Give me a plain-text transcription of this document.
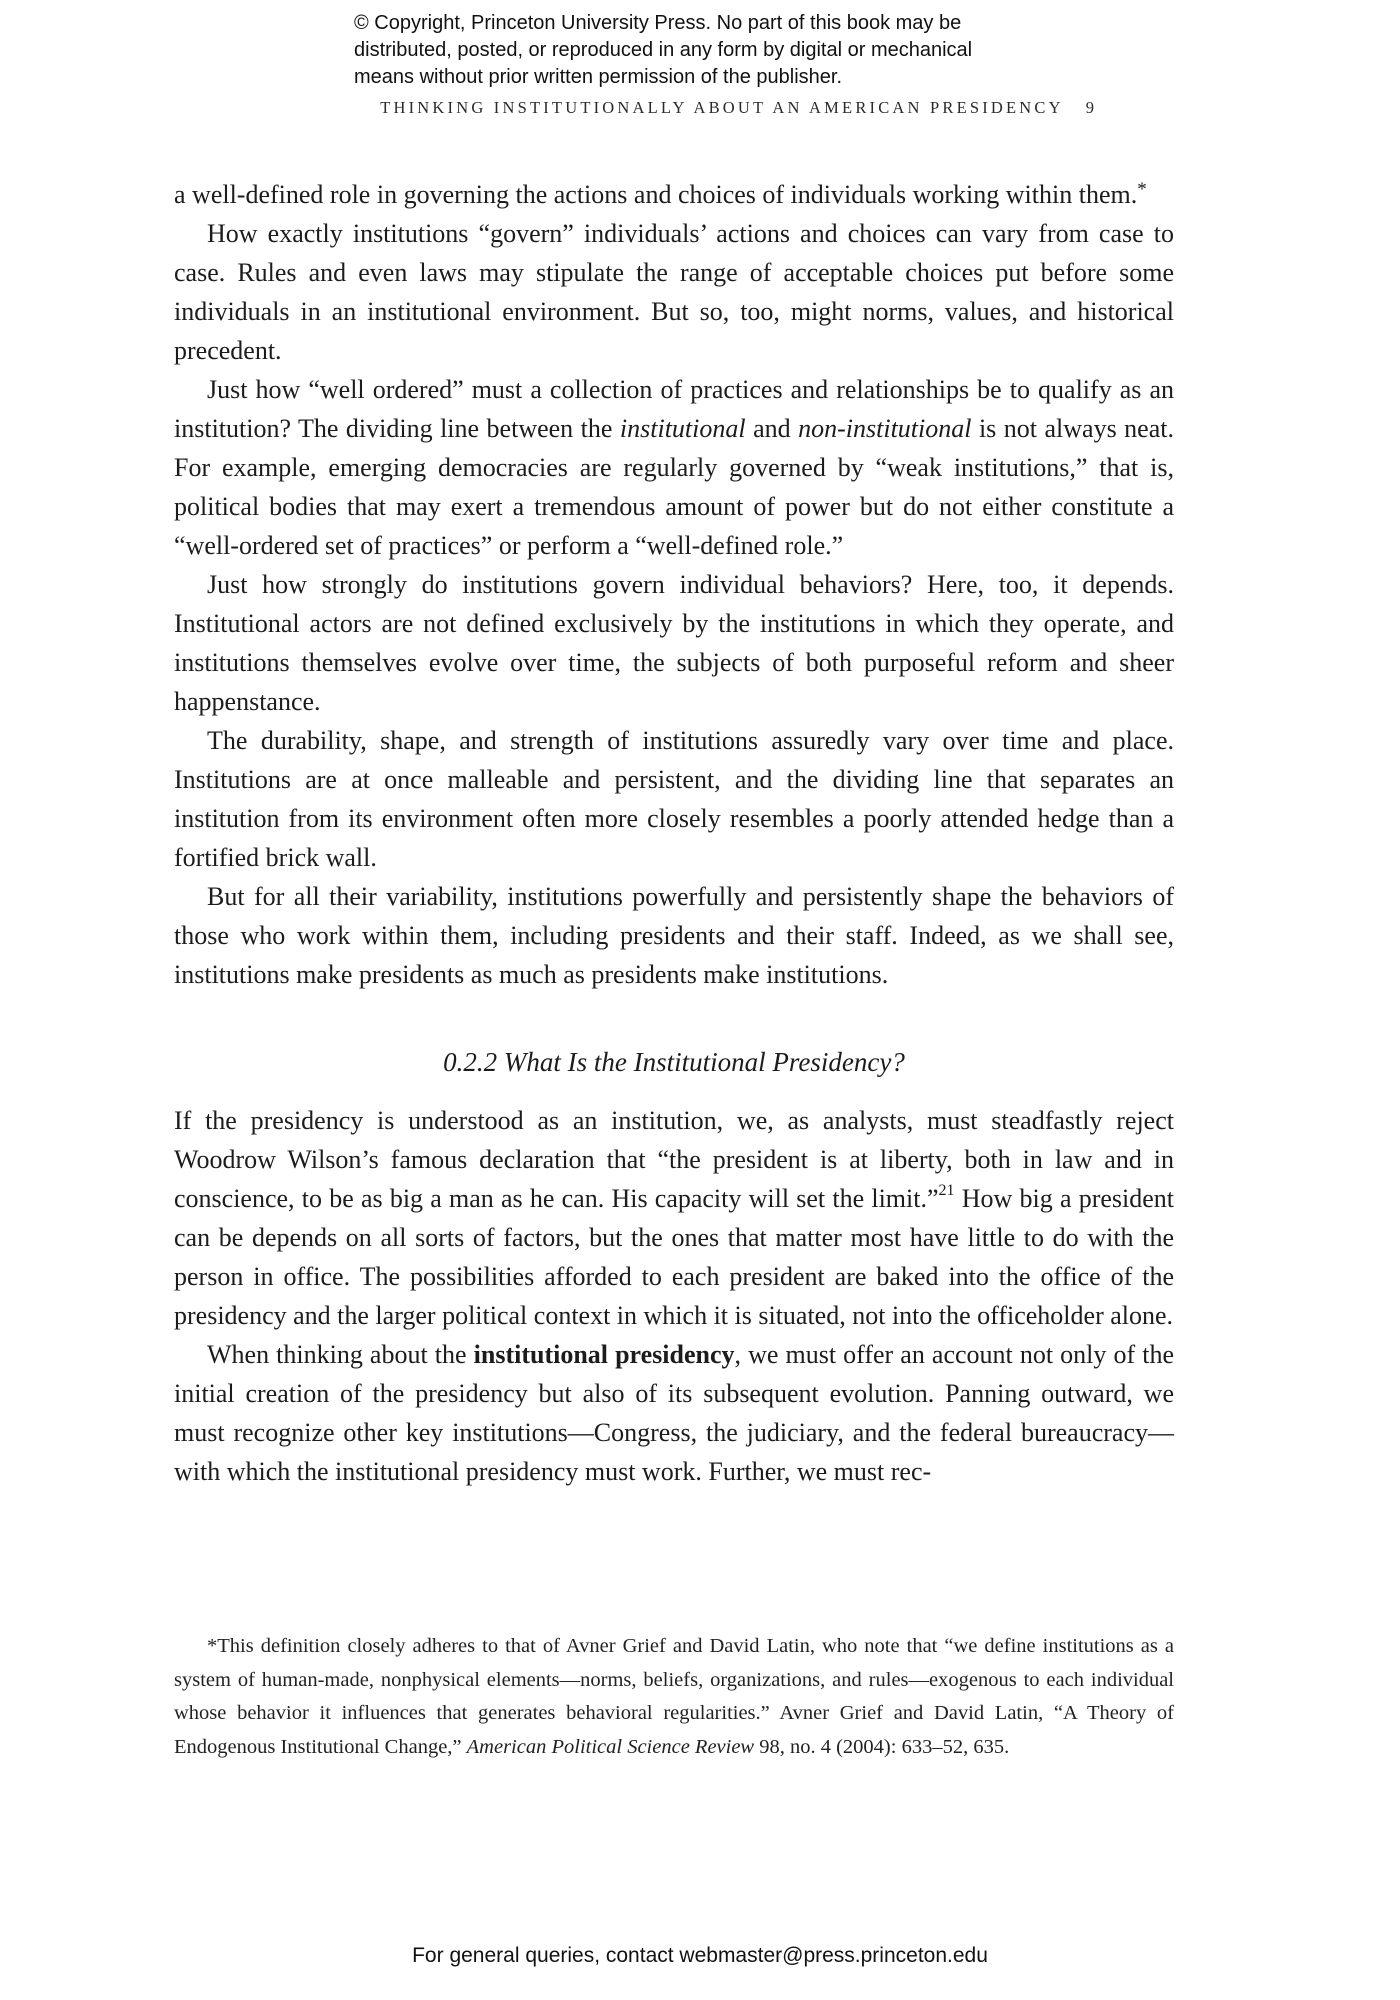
© Copyright, Princeton University Press. No part of this book may be
distributed, posted, or reproduced in any form by digital or mechanical
means without prior written permission of the publisher.
THINKING INSTITUTIONALLY ABOUT AN AMERICAN PRESIDENCY 9

a well-defined role in governing the actions and choices of individuals working within them.*

How exactly institutions “govern” individuals’ actions and choices can vary from case to case. Rules and even laws may stipulate the range of acceptable choices put before some individuals in an institutional environment. But so, too, might norms, values, and historical precedent.

Just how “well ordered” must a collection of practices and relationships be to qualify as an institution? The dividing line between the institutional and non-institutional is not always neat. For example, emerging democracies are regularly governed by “weak institutions,” that is, political bodies that may exert a tremendous amount of power but do not either constitute a “well-ordered set of practices” or perform a “well-defined role.”

Just how strongly do institutions govern individual behaviors? Here, too, it depends. Institutional actors are not defined exclusively by the institutions in which they operate, and institutions themselves evolve over time, the subjects of both purposeful reform and sheer happenstance.

The durability, shape, and strength of institutions assuredly vary over time and place. Institutions are at once malleable and persistent, and the dividing line that separates an institution from its environment often more closely resembles a poorly attended hedge than a fortified brick wall.

But for all their variability, institutions powerfully and persistently shape the behaviors of those who work within them, including presidents and their staff. Indeed, as we shall see, institutions make presidents as much as presidents make institutions.

0.2.2 What Is the Institutional Presidency?

If the presidency is understood as an institution, we, as analysts, must steadfastly reject Woodrow Wilson’s famous declaration that “the president is at liberty, both in law and in conscience, to be as big a man as he can. His capacity will set the limit.”$^{21}$ How big a president can be depends on all sorts of factors, but the ones that matter most have little to do with the person in office. The possibilities afforded to each president are baked into the office of the presidency and the larger political context in which it is situated, not into the officeholder alone.

When thinking about the institutional presidency, we must offer an account not only of the initial creation of the presidency but also of its subsequent evolution. Panning outward, we must recognize other key institutions—Congress, the judiciary, and the federal bureaucracy—with which the institutional presidency must work. Further, we must rec-

*This definition closely adheres to that of Avner Grief and David Latin, who note that “we define institutions as a system of human-made, nonphysical elements—norms, beliefs, organizations, and rules—exogenous to each individual whose behavior it influences that generates behavioral regularities.” Avner Grief and David Latin, “A Theory of Endogenous Institutional Change,” American Political Science Review 98, no. 4 (2004): 633–52, 635.

For general queries, contact webmaster@press.princeton.edu
